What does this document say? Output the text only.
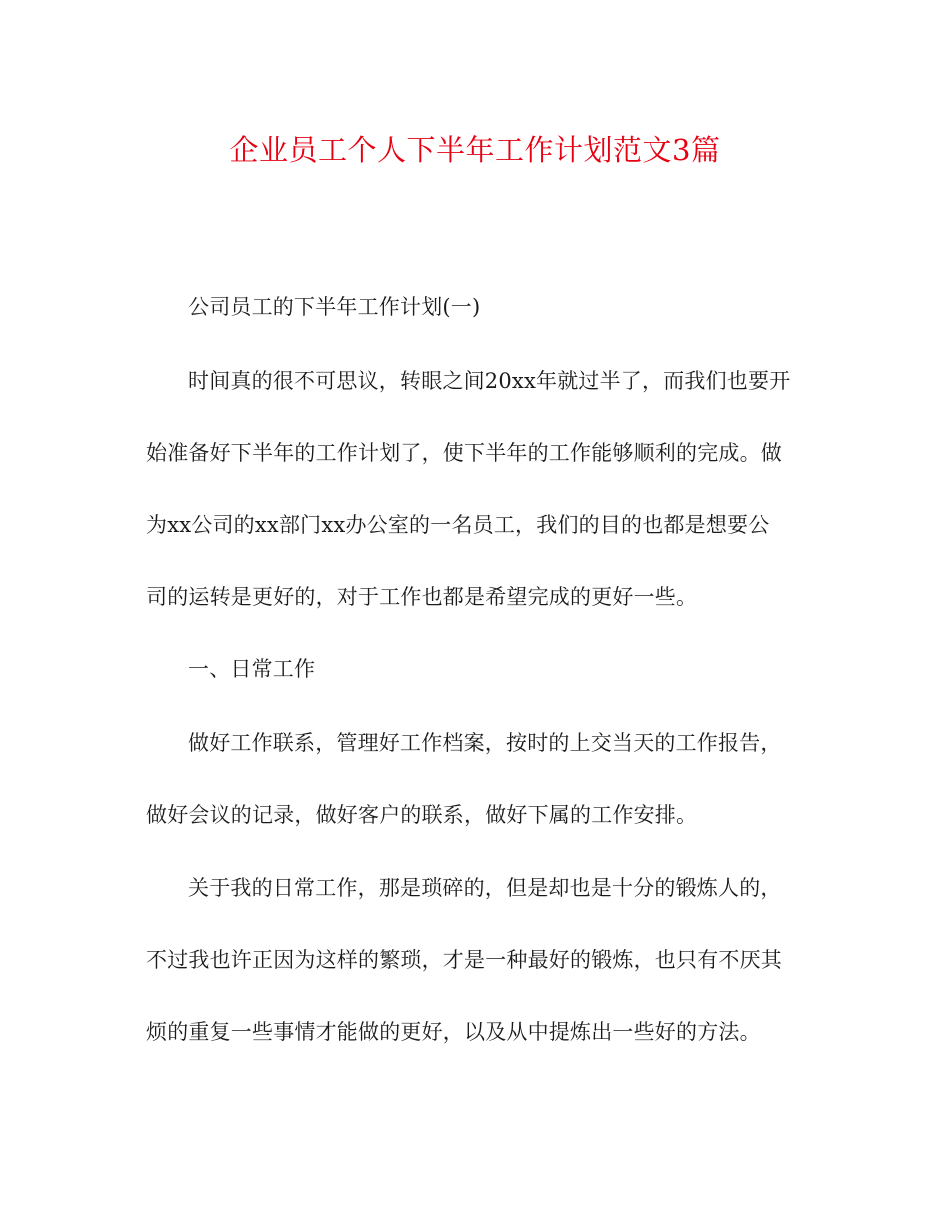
企业员工个人下半年工作计划范文3篇
公司员工的下半年工作计划(一)
时间真的很不可思议，转眼之间20xx年就过半了，而我们也要开
始准备好下半年的工作计划了，使下半年的工作能够顺利的完成。做
为xx公司的xx部门xx办公室的一名员工，我们的目的也都是想要公
司的运转是更好的，对于工作也都是希望完成的更好一些。
一、日常工作
做好工作联系，管理好工作档案，按时的上交当天的工作报告，
做好会议的记录，做好客户的联系，做好下属的工作安排。
关于我的日常工作，那是琐碎的，但是却也是十分的锻炼人的，
不过我也许正因为这样的繁琐，才是一种最好的锻炼，也只有不厌其
烦的重复一些事情才能做的更好，以及从中提炼出一些好的方法。
